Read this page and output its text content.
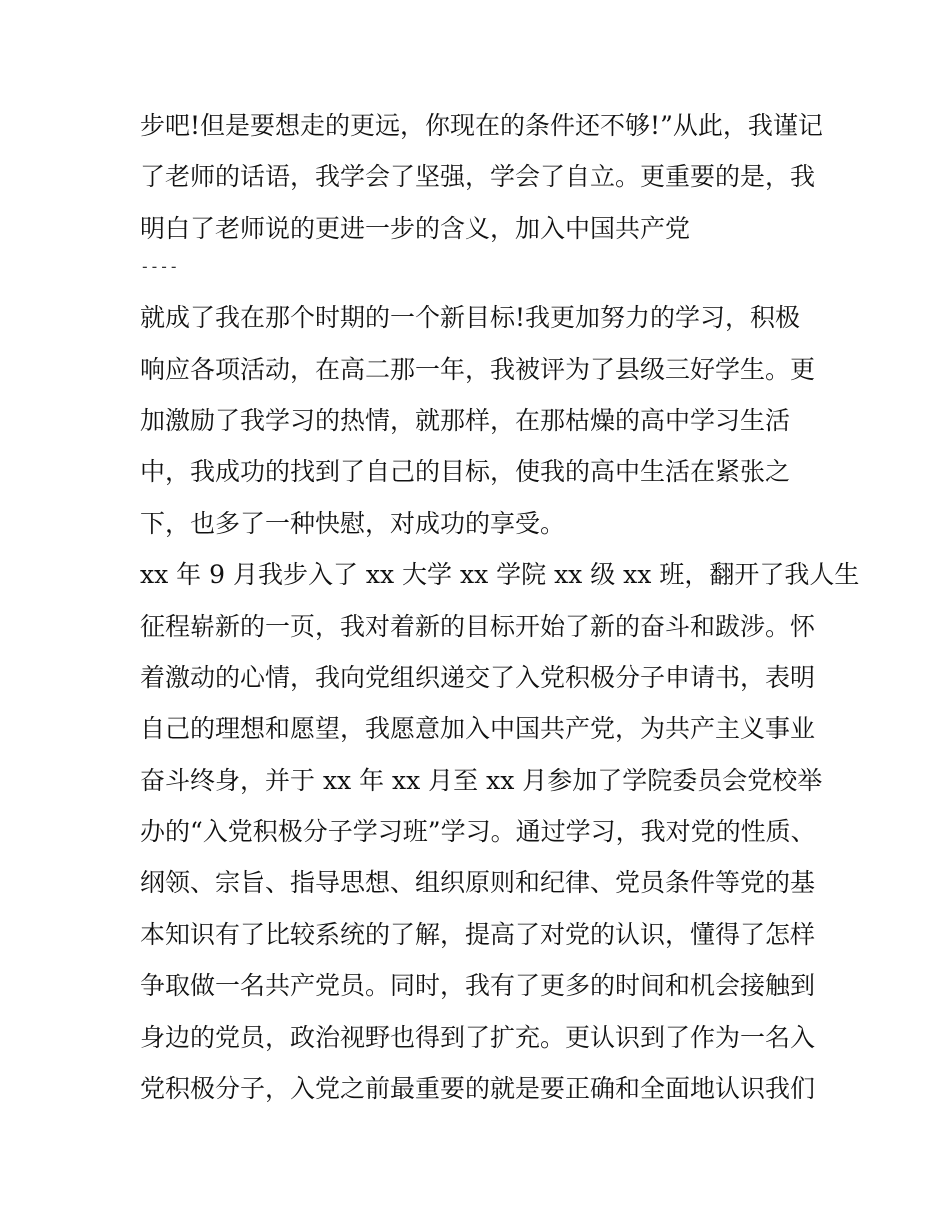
步吧!但是要想走的更远，你现在的条件还不够!”从此，我谨记
了老师的话语，我学会了坚强，学会了自立。更重要的是，我
明白了老师说的更进一步的含义，加入中国共产党
----
就成了我在那个时期的一个新目标!我更加努力的学习，积极
响应各项活动，在高二那一年，我被评为了县级三好学生。更
加激励了我学习的热情，就那样，在那枯燥的高中学习生活
中，我成功的找到了自己的目标，使我的高中生活在紧张之
下，也多了一种快慰，对成功的享受。
xx 年 9 月我步入了 xx 大学 xx 学院 xx 级 xx 班，翻开了我人生
征程崭新的一页，我对着新的目标开始了新的奋斗和跋涉。怀
着激动的心情，我向党组织递交了入党积极分子申请书，表明
自己的理想和愿望，我愿意加入中国共产党，为共产主义事业
奋斗终身，并于 xx 年 xx 月至 xx 月参加了学院委员会党校举
办的“入党积极分子学习班”学习。通过学习，我对党的性质、
纲领、宗旨、指导思想、组织原则和纪律、党员条件等党的基
本知识有了比较系统的了解，提高了对党的认识，懂得了怎样
争取做一名共产党员。同时，我有了更多的时间和机会接触到
身边的党员，政治视野也得到了扩充。更认识到了作为一名入
党积极分子，入党之前最重要的就是要正确和全面地认识我们
